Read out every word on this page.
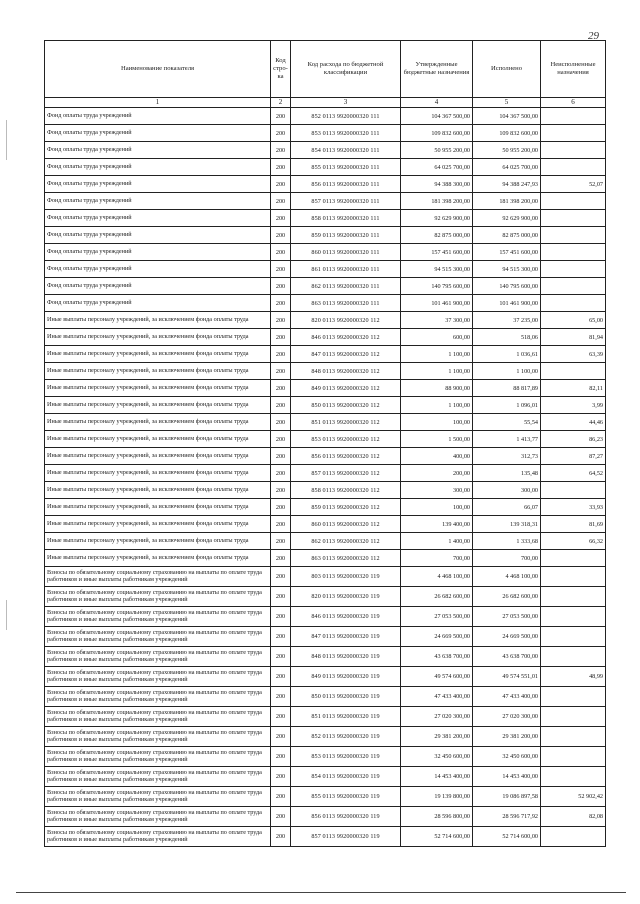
29
Наименование показателя	Код стро-ка	Код расхода по бюджетной классификации	Утвержденные бюджетные назначения	Исполнено	Неисполненные назначения
1	2	3	4	5	6
Фонд оплаты труда учреждений	200	852 0113 9920000320 111	104 367 500,00	104 367 500,00	
Фонд оплаты труда учреждений	200	853 0113 9920000320 111	109 832 600,00	109 832 600,00	
Фонд оплаты труда учреждений	200	854 0113 9920000320 111	50 955 200,00	50 955 200,00	
Фонд оплаты труда учреждений	200	855 0113 9920000320 111	64 025 700,00	64 025 700,00	
Фонд оплаты труда учреждений	200	856 0113 9920000320 111	94 388 300,00	94 388 247,93	52,07
Фонд оплаты труда учреждений	200	857 0113 9920000320 111	181 398 200,00	181 398 200,00	
Фонд оплаты труда учреждений	200	858 0113 9920000320 111	92 629 900,00	92 629 900,00	
Фонд оплаты труда учреждений	200	859 0113 9920000320 111	82 875 000,00	82 875 000,00	
Фонд оплаты труда учреждений	200	860 0113 9920000320 111	157 451 600,00	157 451 600,00	
Фонд оплаты труда учреждений	200	861 0113 9920000320 111	94 515 300,00	94 515 300,00	
Фонд оплаты труда учреждений	200	862 0113 9920000320 111	140 795 600,00	140 795 600,00	
Фонд оплаты труда учреждений	200	863 0113 9920000320 111	101 461 900,00	101 461 900,00	
Иные выплаты персоналу учреждений, за исключением фонда оплаты труда	200	820 0113 9920000320 112	37 300,00	37 235,00	65,00
Иные выплаты персоналу учреждений, за исключением фонда оплаты труда	200	846 0113 9920000320 112	600,00	518,06	81,94
Иные выплаты персоналу учреждений, за исключением фонда оплаты труда	200	847 0113 9920000320 112	1 100,00	1 036,61	63,39
Иные выплаты персоналу учреждений, за исключением фонда оплаты труда	200	848 0113 9920000320 112	1 100,00	1 100,00	
Иные выплаты персоналу учреждений, за исключением фонда оплаты труда	200	849 0113 9920000320 112	88 900,00	88 817,89	82,11
Иные выплаты персоналу учреждений, за исключением фонда оплаты труда	200	850 0113 9920000320 112	1 100,00	1 096,01	3,99
Иные выплаты персоналу учреждений, за исключением фонда оплаты труда	200	851 0113 9920000320 112	100,00	55,54	44,46
Иные выплаты персоналу учреждений, за исключением фонда оплаты труда	200	853 0113 9920000320 112	1 500,00	1 413,77	86,23
Иные выплаты персоналу учреждений, за исключением фонда оплаты труда	200	856 0113 9920000320 112	400,00	312,73	87,27
Иные выплаты персоналу учреждений, за исключением фонда оплаты труда	200	857 0113 9920000320 112	200,00	135,48	64,52
Иные выплаты персоналу учреждений, за исключением фонда оплаты труда	200	858 0113 9920000320 112	300,00	300,00	
Иные выплаты персоналу учреждений, за исключением фонда оплаты труда	200	859 0113 9920000320 112	100,00	66,07	33,93
Иные выплаты персоналу учреждений, за исключением фонда оплаты труда	200	860 0113 9920000320 112	139 400,00	139 318,31	81,69
Иные выплаты персоналу учреждений, за исключением фонда оплаты труда	200	862 0113 9920000320 112	1 400,00	1 333,68	66,32
Иные выплаты персоналу учреждений, за исключением фонда оплаты труда	200	863 0113 9920000320 112	700,00	700,00	
Взносы по обязательному социальному страхованию на выплаты по оплате труда работников и иные выплаты работникам учреждений	200	803 0113 9920000320 119	4 468 100,00	4 468 100,00	
Взносы по обязательному социальному страхованию на выплаты по оплате труда работников и иные выплаты работникам учреждений	200	820 0113 9920000320 119	26 682 600,00	26 682 600,00	
Взносы по обязательному социальному страхованию на выплаты по оплате труда работников и иные выплаты работникам учреждений	200	846 0113 9920000320 119	27 053 500,00	27 053 500,00	
Взносы по обязательному социальному страхованию на выплаты по оплате труда работников и иные выплаты работникам учреждений	200	847 0113 9920000320 119	24 669 500,00	24 669 500,00	
Взносы по обязательному социальному страхованию на выплаты по оплате труда работников и иные выплаты работникам учреждений	200	848 0113 9920000320 119	43 638 700,00	43 638 700,00	
Взносы по обязательному социальному страхованию на выплаты по оплате труда работников и иные выплаты работникам учреждений	200	849 0113 9920000320 119	49 574 600,00	49 574 551,01	48,99
Взносы по обязательному социальному страхованию на выплаты по оплате труда работников и иные выплаты работникам учреждений	200	850 0113 9920000320 119	47 433 400,00	47 433 400,00	
Взносы по обязательному социальному страхованию на выплаты по оплате труда работников и иные выплаты работникам учреждений	200	851 0113 9920000320 119	27 020 300,00	27 020 300,00	
Взносы по обязательному социальному страхованию на выплаты по оплате труда работников и иные выплаты работникам учреждений	200	852 0113 9920000320 119	29 381 200,00	29 381 200,00	
Взносы по обязательному социальному страхованию на выплаты по оплате труда работников и иные выплаты работникам учреждений	200	853 0113 9920000320 119	32 450 600,00	32 450 600,00	
Взносы по обязательному социальному страхованию на выплаты по оплате труда работников и иные выплаты работникам учреждений	200	854 0113 9920000320 119	14 453 400,00	14 453 400,00	
Взносы по обязательному социальному страхованию на выплаты по оплате труда работников и иные выплаты работникам учреждений	200	855 0113 9920000320 119	19 139 800,00	19 086 897,58	52 902,42
Взносы по обязательному социальному страхованию на выплаты по оплате труда работников и иные выплаты работникам учреждений	200	856 0113 9920000320 119	28 596 800,00	28 596 717,92	82,08
Взносы по обязательному социальному страхованию на выплаты по оплате труда работников и иные выплаты работникам учреждений	200	857 0113 9920000320 119	52 714 600,00	52 714 600,00	
